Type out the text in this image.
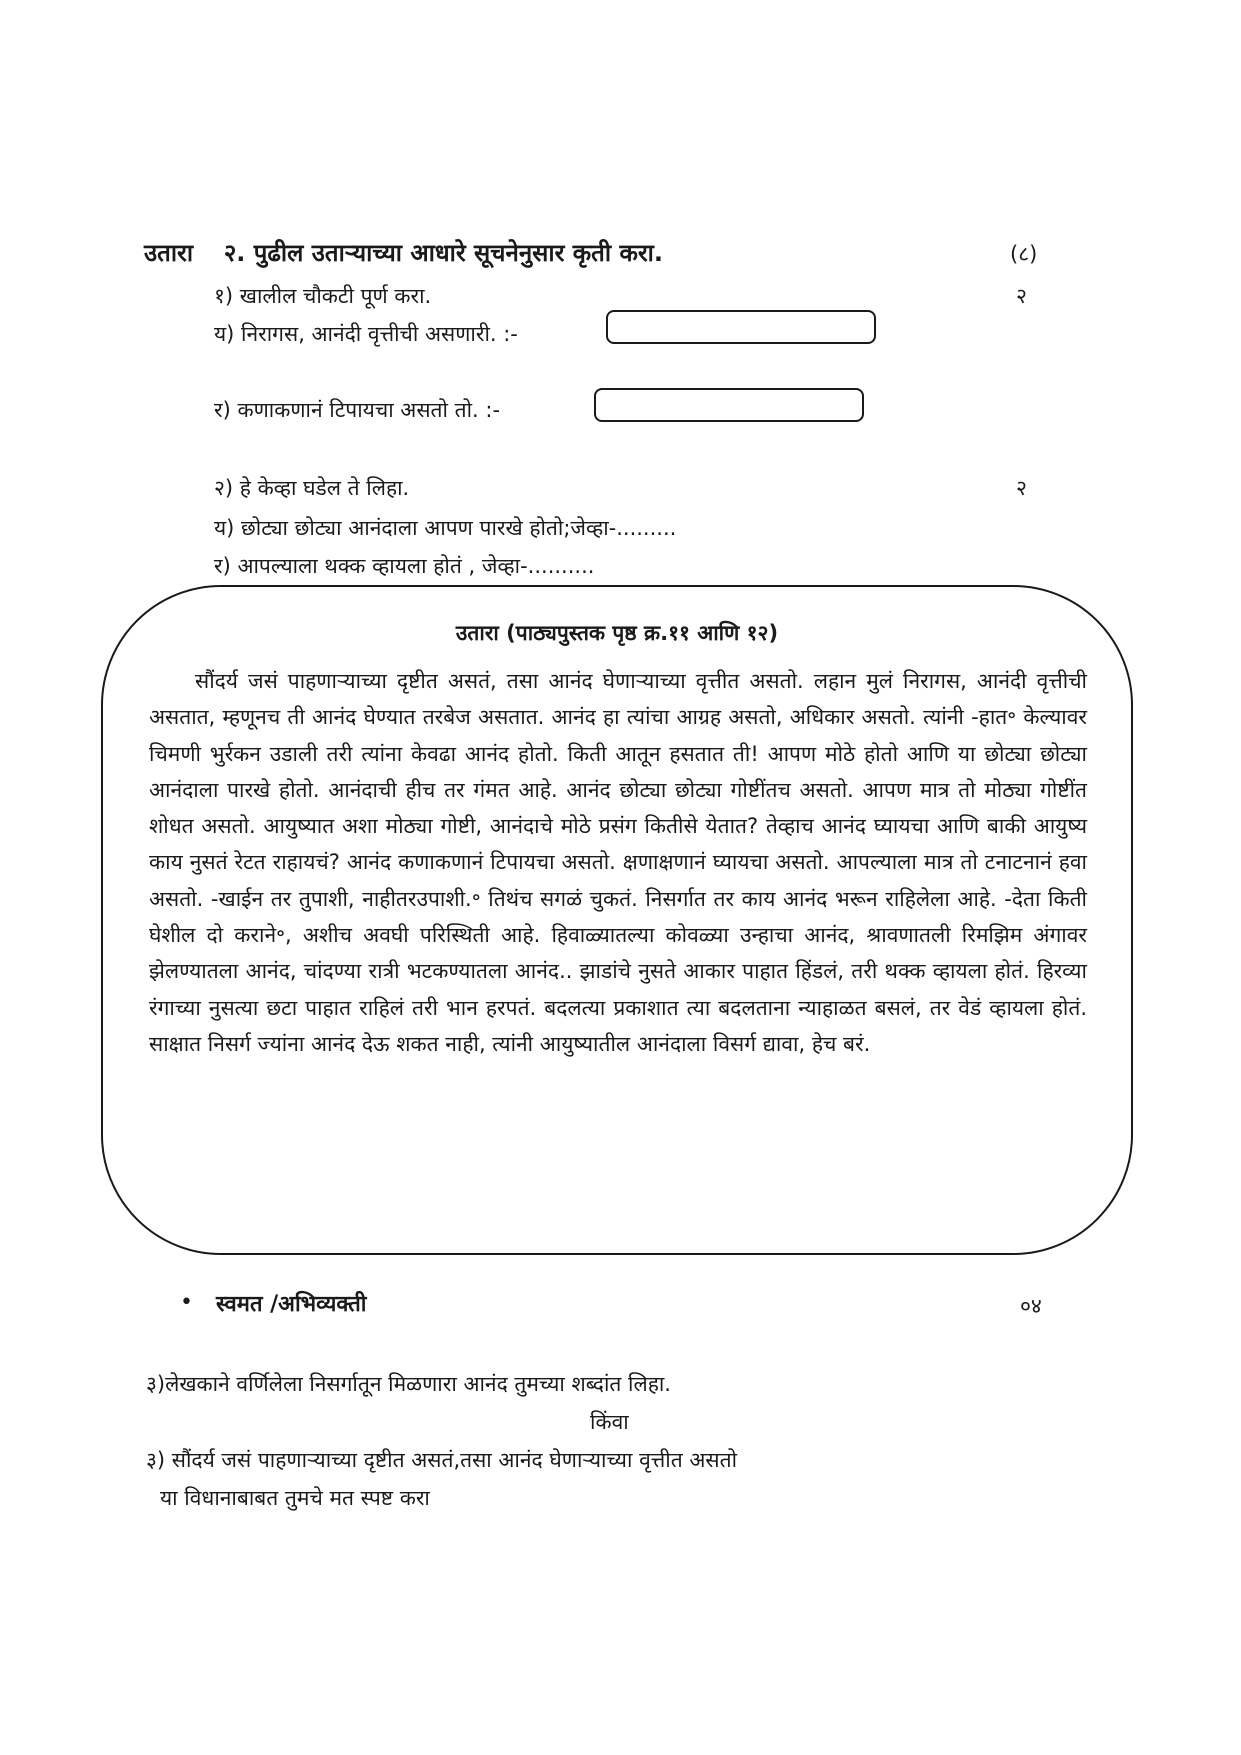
उतारा २. पुढील उताऱ्याच्या आधारे सूचनेनुसार कृती करा.	(८)
१) खालील चौकटी पूर्ण करा.	२
य) निरागस, आनंदी वृत्तीची असणारी. :-
र) कणाकणानं टिपायचा असतो तो. :-
२) हे केव्हा घडेल ते लिहा.	२
य) छोट्या छोट्या आनंदाला आपण पारखे होतो;जेव्हा-.........
र) आपल्याला थक्क व्हायला होतं , जेव्हा-..........
उतारा (पाठ्यपुस्तक पृष्ठ क्र.११ आणि १२)
सौंदर्य जसं पाहणाऱ्याच्या दृष्टीत असतं, तसा आनंद घेणाऱ्याच्या वृत्तीत असतो. लहान मुलं निरागस, आनंदी वृत्तीची असतात, म्हणूनच ती आनंद घेण्यात तरबेज असतात. आनंद हा त्यांचा आग्रह असतो, अधिकार असतो. त्यांनी -हात॰ केल्यावर चिमणी भुर्रकन उडाली तरी त्यांना केवढा आनंद होतो. किती आतून हसतात ती! आपण मोठे होतो आणि या छोट्या छोट्या आनंदाला पारखे होतो. आनंदाची हीच तर गंमत आहे. आनंद छोट्या छोट्या गोष्टींतच असतो. आपण मात्र तो मोठ्या गोष्टींत शोधत असतो. आयुष्यात अशा मोठ्या गोष्टी, आनंदाचे मोठे प्रसंग कितीसे येतात? तेव्हाच आनंद घ्यायचा आणि बाकी आयुष्य काय नुसतं रेटत राहायचं? आनंद कणाकणानं टिपायचा असतो. क्षणाक्षणानं घ्यायचा असतो. आपल्याला मात्र तो टनाटनानं हवा असतो. -खाईन तर तुपाशी, नाहीतरउपाशी.॰ तिथंच सगळं चुकतं. निसर्गात तर काय आनंद भरून राहिलेला आहे. -देता किती घेशील दो कराने॰, अशीच अवघी परिस्थिती आहे. हिवाळ्यातल्या कोवळ्या उन्हाचा आनंद, श्रावणातली रिमझिम अंगावर झेलण्यातला आनंद, चांदण्या रात्री भटकण्यातला आनंद.. झाडांचे नुसते आकार पाहात हिंडलं, तरी थक्क व्हायला होतं. हिरव्या रंगाच्या नुसत्या छटा पाहात राहिलं तरी भान हरपतं. बदलत्या प्रकाशात त्या बदलताना न्याहाळत बसलं, तर वेडं व्हायला होतं. साक्षात निसर्ग ज्यांना आनंद देऊ शकत नाही, त्यांनी आयुष्यातील आनंदाला विसर्ग द्यावा, हेच बरं.
• स्वमत /अभिव्यक्ती	०४
३)लेखकाने वर्णिलेला निसर्गातून मिळणारा आनंद तुमच्या शब्दांत लिहा.
किंवा
३) सौंदर्य जसं पाहणाऱ्याच्या दृष्टीत असतं,तसा आनंद घेणाऱ्याच्या वृत्तीत असतो
या विधानाबाबत तुमचे मत स्पष्ट करा
